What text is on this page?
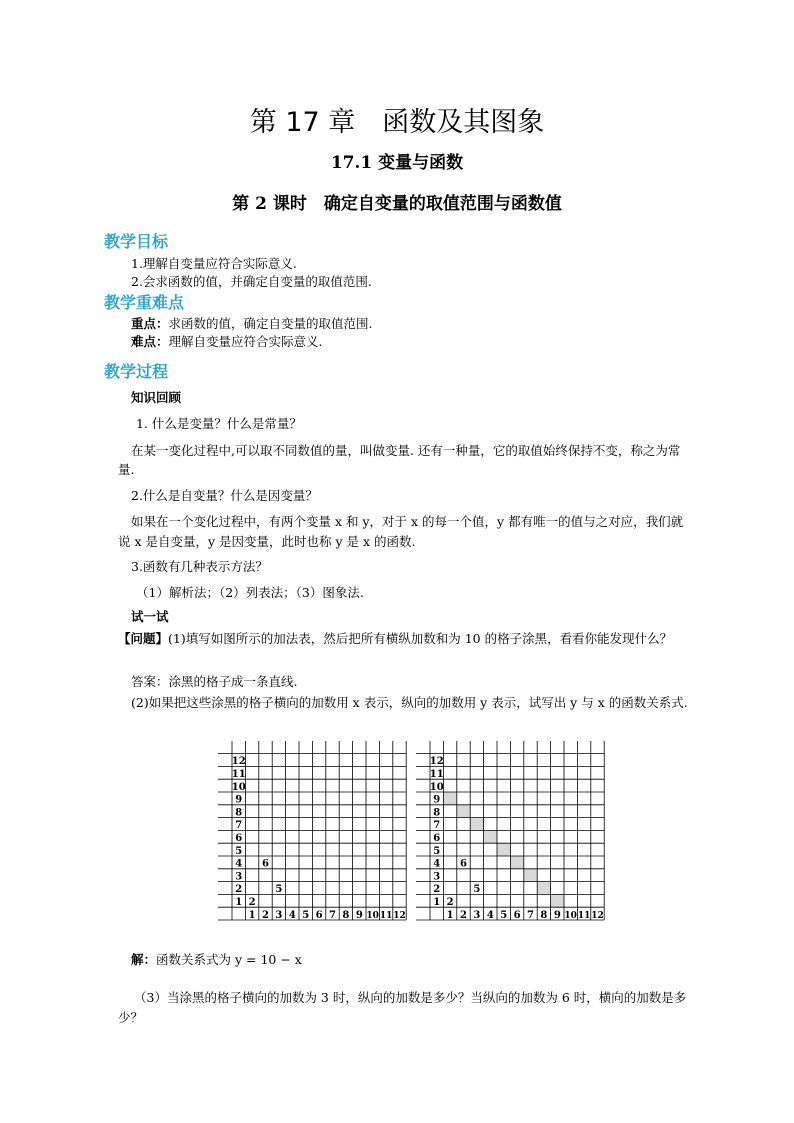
第 17 章　函数及其图象
17.1 变量与函数
第 2 课时　确定自变量的取值范围与函数值
教学目标
1.理解自变量应符合实际意义.
2.会求函数的值，并确定自变量的取值范围.
教学重难点
重点：求函数的值，确定自变量的取值范围.
难点：理解自变量应符合实际意义.
教学过程
知识回顾
1. 什么是变量？什么是常量？
在某一变化过程中,可以取不同数值的量，叫做变量. 还有一种量，它的取值始终保持不变，称之为常量.
2.什么是自变量？什么是因变量？
如果在一个变化过程中，有两个变量 x 和 y，对于 x 的每一个值，y 都有唯一的值与之对应，我们就说 x 是自变量，y 是因变量，此时也称 y 是 x 的函数.
3.函数有几种表示方法？
（1）解析法；（2）列表法；（3）图象法.
试一试
【问题】(1)填写如图所示的加法表，然后把所有横纵加数和为 10 的格子涂黑，看看你能发现什么？
答案：涂黑的格子成一条直线.
(2)如果把这些涂黑的格子横向的加数用 x 表示，纵向的加数用 y 表示，试写出 y 与 x 的函数关系式.
12
11
10
9
8
7
6
5
4
3
2
1
1 2 3 4 5 6 7 8 9 10 11 12
2
5
6
12
11
10
9
8
7
6
5
4
3
2
1
1 2 3 4 5 6 7 8 9 10 11 12
2
5
6
解：函数关系式为 y = 10 − x
（3）当涂黑的格子横向的加数为 3 时，纵向的加数是多少？当纵向的加数为 6 时，横向的加数是多少？
